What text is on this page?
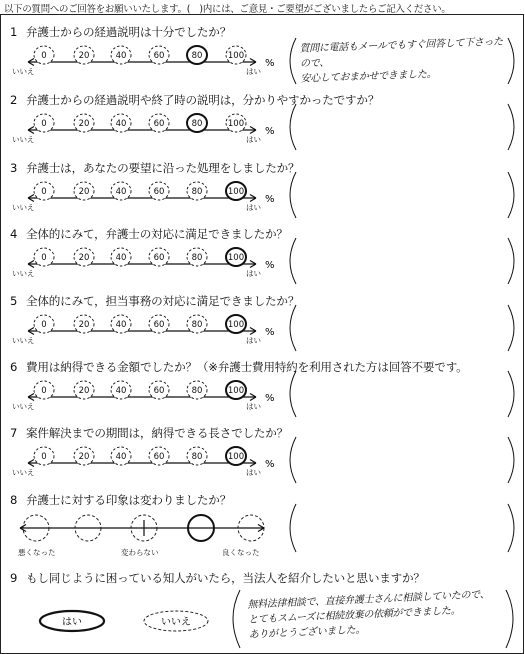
以下の質問へのご回答をお願いいたします。(　)内には、ご意見・ご要望がございましたらご記入ください。
1 弁護士からの経過説明は十分でしたか？
0	20	40	60	80	100
いいえ	はい
%
質問に電話もメールでもすぐ回答して下さったので、
安心しておまかせできました。
2 弁護士からの経過説明や終了時の説明は，分かりやすかったですか？
0	20	40	60	80	100
いいえ	はい
%
3 弁護士は，あなたの要望に沿った処理をしましたか？
0	20	40	60	80	100
いいえ	はい
%
4 全体的にみて，弁護士の対応に満足できましたか？
0	20	40	60	80	100
いいえ	はい
%
5 全体的にみて，担当事務の対応に満足できましたか？
0	20	40	60	80	100
いいえ	はい
%
6 費用は納得できる金額でしたか？（※弁護士費用特約を利用された方は回答不要です。
0	20	40	60	80	100
いいえ	はい
%
7 案件解決までの期間は，納得できる長さでしたか？
0	20	40	60	80	100
いいえ	はい
%
8 弁護士に対する印象は変わりましたか？
悪くなった	変わらない	良くなった
9 もし同じように困っている知人がいたら，当法人を紹介したいと思いますか？
はい	いいえ
無料法律相談で、直接弁護士さんに相談していたので、
とてもスムーズに相続放棄の依頼ができました。
ありがとうございました。
